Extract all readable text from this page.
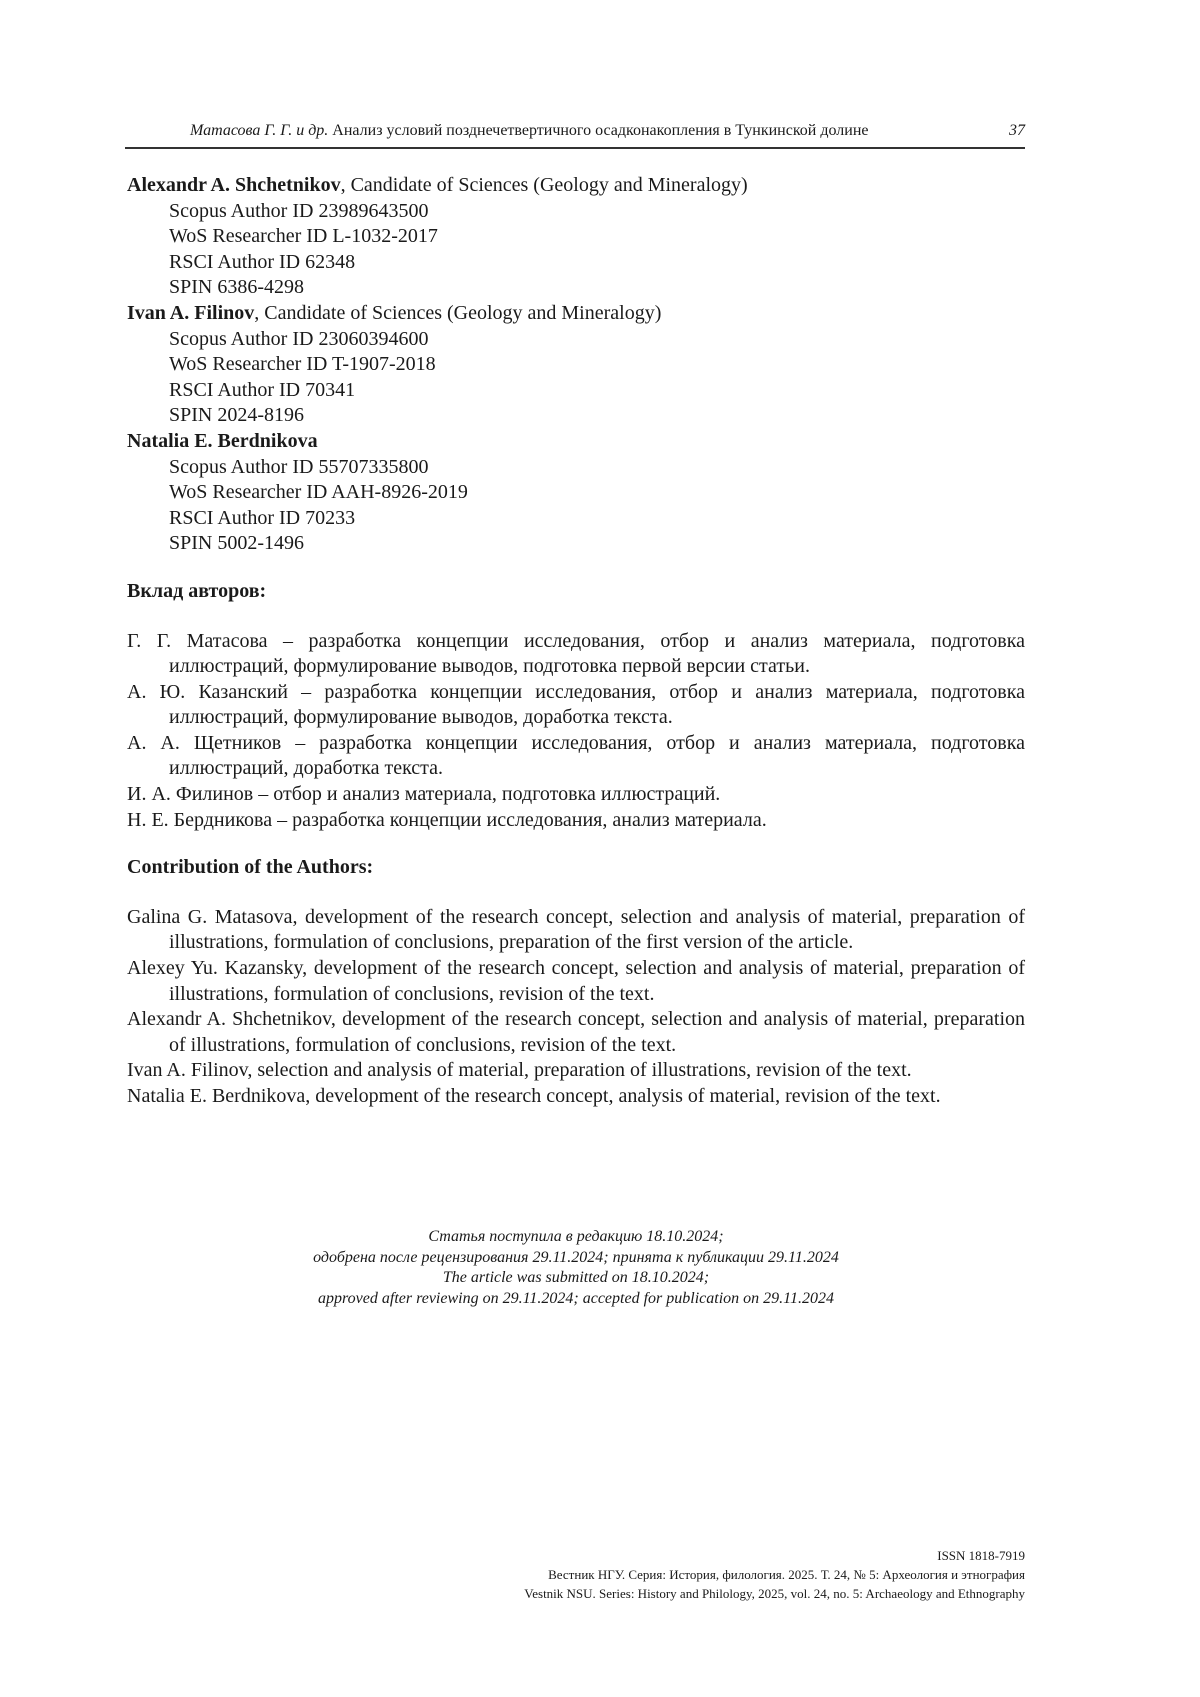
Матасова Г. Г. и др. Анализ условий позднечетвертичного осадконакопления в Тункинской долине	37
Alexandr A. Shchetnikov, Candidate of Sciences (Geology and Mineralogy)
Scopus Author ID 23989643500
WoS Researcher ID L-1032-2017
RSCI Author ID 62348
SPIN 6386-4298
Ivan A. Filinov, Candidate of Sciences (Geology and Mineralogy)
Scopus Author ID 23060394600
WoS Researcher ID T-1907-2018
RSCI Author ID 70341
SPIN 2024-8196
Natalia E. Berdnikova
Scopus Author ID 55707335800
WoS Researcher ID AAH-8926-2019
RSCI Author ID 70233
SPIN 5002-1496
Вклад авторов:
Г. Г. Матасова – разработка концепции исследования, отбор и анализ материала, подготовка иллюстраций, формулирование выводов, подготовка первой версии статьи.
А. Ю. Казанский – разработка концепции исследования, отбор и анализ материала, подготовка иллюстраций, формулирование выводов, доработка текста.
А. А. Щетников – разработка концепции исследования, отбор и анализ материала, подготовка иллюстраций, доработка текста.
И. А. Филинов – отбор и анализ материала, подготовка иллюстраций.
Н. Е. Бердникова – разработка концепции исследования, анализ материала.
Contribution of the Authors:
Galina G. Matasova, development of the research concept, selection and analysis of material, preparation of illustrations, formulation of conclusions, preparation of the first version of the article.
Alexey Yu. Kazansky, development of the research concept, selection and analysis of material, preparation of illustrations, formulation of conclusions, revision of the text.
Alexandr A. Shchetnikov, development of the research concept, selection and analysis of material, preparation of illustrations, formulation of conclusions, revision of the text.
Ivan A. Filinov, selection and analysis of material, preparation of illustrations, revision of the text.
Natalia E. Berdnikova, development of the research concept, analysis of material, revision of the text.
Статья поступила в редакцию 18.10.2024;
одобрена после рецензирования 29.11.2024; принята к публикации 29.11.2024
The article was submitted on 18.10.2024;
approved after reviewing on 29.11.2024; accepted for publication on 29.11.2024
ISSN 1818-7919
Вестник НГУ. Серия: История, филология. 2025. Т. 24, № 5: Археология и этнография
Vestnik NSU. Series: History and Philology, 2025, vol. 24, no. 5: Archaeology and Ethnography
